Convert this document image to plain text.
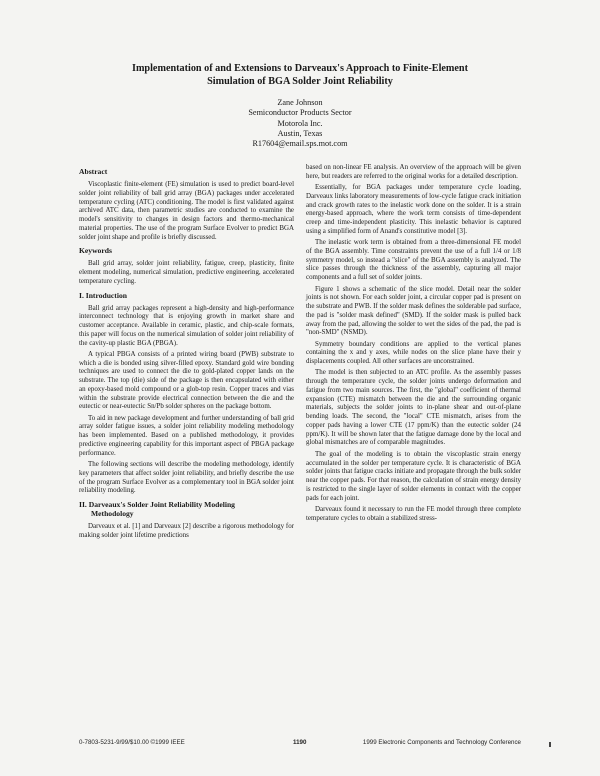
Implementation of and Extensions to Darveaux's Approach to Finite-Element
Simulation of BGA Solder Joint Reliability
Zane Johnson
Semiconductor Products Sector
Motorola Inc.
Austin, Texas
R17604@email.sps.mot.com
Abstract

Viscoplastic finite-element (FE) simulation is used to predict board-level solder joint reliability of ball grid array (BGA) packages under accelerated temperature cycling (ATC) conditioning. The model is first validated against archived ATC data, then parametric studies are conducted to examine the model's sensitivity to changes in design factors and thermo-mechanical material properties. The use of the program Surface Evolver to predict BGA solder joint shape and profile is briefly discussed.

Keywords

Ball grid array, solder joint reliability, fatigue, creep, plasticity, finite element modeling, numerical simulation, predictive engineering, accelerated temperature cycling.

I. Introduction

Ball grid array packages represent a high-density and high-performance interconnect technology that is enjoying growth in market share and customer acceptance. Available in ceramic, plastic, and chip-scale formats, this paper will focus on the numerical simulation of solder joint reliability of the cavity-up plastic BGA (PBGA).

A typical PBGA consists of a printed wiring board (PWB) substrate to which a die is bonded using silver-filled epoxy. Standard gold wire bonding techniques are used to connect the die to gold-plated copper lands on the substrate. The top (die) side of the package is then encapsulated with either an epoxy-based mold compound or a glob-top resin. Copper traces and vias within the substrate provide electrical connection between the die and the eutectic or near-eutectic Sn/Pb solder spheres on the package bottom.

To aid in new package development and further understanding of ball grid array solder fatigue issues, a solder joint reliability modeling methodology has been implemented. Based on a published methodology, it provides predictive engineering capability for this important aspect of PBGA package performance.

The following sections will describe the modeling methodology, identify key parameters that affect solder joint reliability, and briefly describe the use of the program Surface Evolver as a complementary tool in BGA solder joint reliability modeling.

II. Darveaux's Solder Joint Reliability Modeling
Methodology

Darveaux et al. [1] and Darveaux [2] describe a rigorous methodology for making solder joint lifetime predictions

based on non-linear FE analysis. An overview of the approach will be given here, but readers are referred to the original works for a detailed description.

Essentially, for BGA packages under temperature cycle loading, Darveaux links laboratory measurements of low-cycle fatigue crack initiation and crack growth rates to the inelastic work done on the solder. It is a strain energy-based approach, where the work term consists of time-dependent creep and time-independent plasticity. This inelastic behavior is captured using a simplified form of Anand's constitutive model [3].

The inelastic work term is obtained from a three-dimensional FE model of the BGA assembly. Time constraints prevent the use of a full 1/4 or 1/8 symmetry model, so instead a "slice" of the BGA assembly is analyzed. The slice passes through the thickness of the assembly, capturing all major components and a full set of solder joints.

Figure 1 shows a schematic of the slice model. Detail near the solder joints is not shown. For each solder joint, a circular copper pad is present on the substrate and PWB. If the solder mask defines the solderable pad surface, the pad is "solder mask defined" (SMD). If the solder mask is pulled back away from the pad, allowing the solder to wet the sides of the pad, the pad is "non-SMD" (NSMD).

Symmetry boundary conditions are applied to the vertical planes containing the x and y axes, while nodes on the slice plane have their y displacements coupled. All other surfaces are unconstrained.

The model is then subjected to an ATC profile. As the assembly passes through the temperature cycle, the solder joints undergo deformation and fatigue from two main sources. The first, the "global" coefficient of thermal expansion (CTE) mismatch between the die and the surrounding organic materials, subjects the solder joints to in-plane shear and out-of-plane bending loads. The second, the "local" CTE mismatch, arises from the copper pads having a lower CTE (17 ppm/K) than the eutectic solder (24 ppm/K). It will be shown later that the fatigue damage done by the local and global mismatches are of comparable magnitudes.

The goal of the modeling is to obtain the viscoplastic strain energy accumulated in the solder per temperature cycle. It is characteristic of BGA solder joints that fatigue cracks initiate and propagate through the bulk solder near the copper pads. For that reason, the calculation of strain energy density is restricted to the single layer of solder elements in contact with the copper pads for each joint.

Darveaux found it necessary to run the FE model through three complete temperature cycles to obtain a stabilized stress-

0-7803-5231-9/99/$10.00 ©1999 IEEE	1190	1999 Electronic Components and Technology Conference
